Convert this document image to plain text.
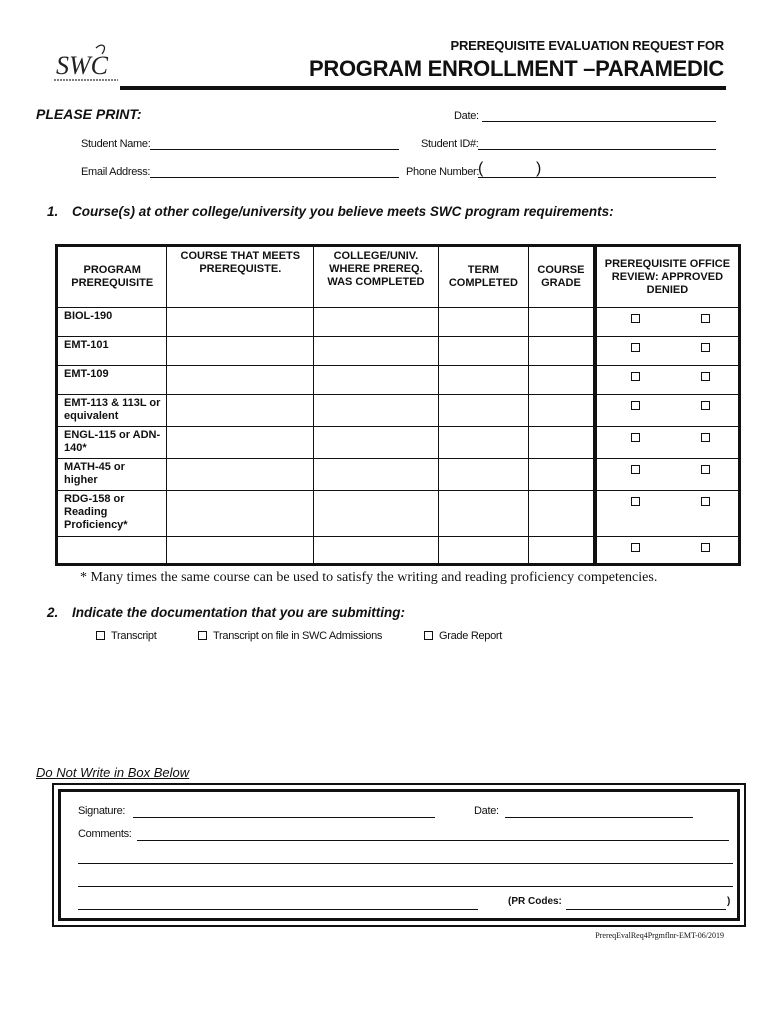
SWC
PREREQUISITE EVALUATION REQUEST FOR
PROGRAM ENROLLMENT –PARAMEDIC
PLEASE PRINT:	Date:
Student Name:	Student ID#:
Email Address:	Phone Number:
(	)
1. Course(s) at other college/university you believe meets SWC program requirements:
PROGRAM PREREQUISITE	COURSE THAT MEETS PREREQUISTE.	COLLEGE/UNIV. WHERE PREREQ. WAS COMPLETED	TERM COMPLETED	COURSE GRADE	PREREQUISITE OFFICE REVIEW: APPROVED DENIED
BIOL-190					

EMT-101					

EMT-109					

EMT-113 & 113L or equivalent					

ENGL-115 or ADN-140*					

MATH-45 or higher					

RDG-158 or Reading Proficiency*					

* Many times the same course can be used to satisfy the writing and reading proficiency competencies.
2. Indicate the documentation that you are submitting:
Transcript	Transcript on file in SWC Admissions	Grade Report
Do Not Write in Box Below
Signature:	Date:
Comments:
(PR Codes:	)
PrereqEvalReq4Prgmflnr-EMT-06/2019
